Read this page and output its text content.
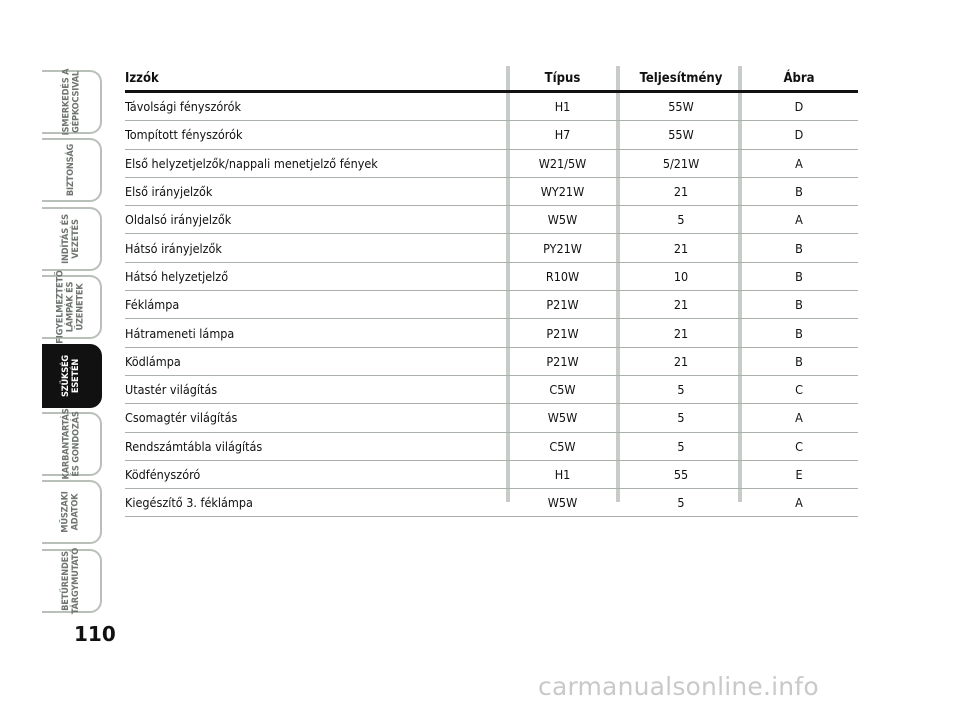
ISMERKEDÉS A
GÉPKOCSIVAL
BIZTONSÁG
INDÍTÁS ÉS
VEZETÉS
FIGYELMEZTETŐ
LÁMPÁK ÉS
ÜZENETEK
SZÜKSÉG
ESETÉN
KARBANTARTÁS
ÉS GONDOZÁS
MŰSZAKI
ADATOK
BETŰRENDES
TÁRGYMUTATÓ
110
Izzók	Típus	Teljesítmény	Ábra
Távolsági fényszórók	H1	55W	D
Tompított fényszórók	H7	55W	D
Első helyzetjelzők/nappali menetjelző fények	W21/5W	5/21W	A
Első irányjelzők	WY21W	21	B
Oldalsó irányjelzők	W5W	5	A
Hátsó irányjelzők	PY21W	21	B
Hátsó helyzetjelző	R10W	10	B
Féklámpa	P21W	21	B
Hátrameneti lámpa	P21W	21	B
Ködlámpa	P21W	21	B
Utastér világítás	C5W	5	C
Csomagtér világítás	W5W	5	A
Rendszámtábla világítás	C5W	5	C
Ködfényszóró	H1	55	E
Kiegészítő 3. féklámpa	W5W	5	A
carmanualsonline.info
